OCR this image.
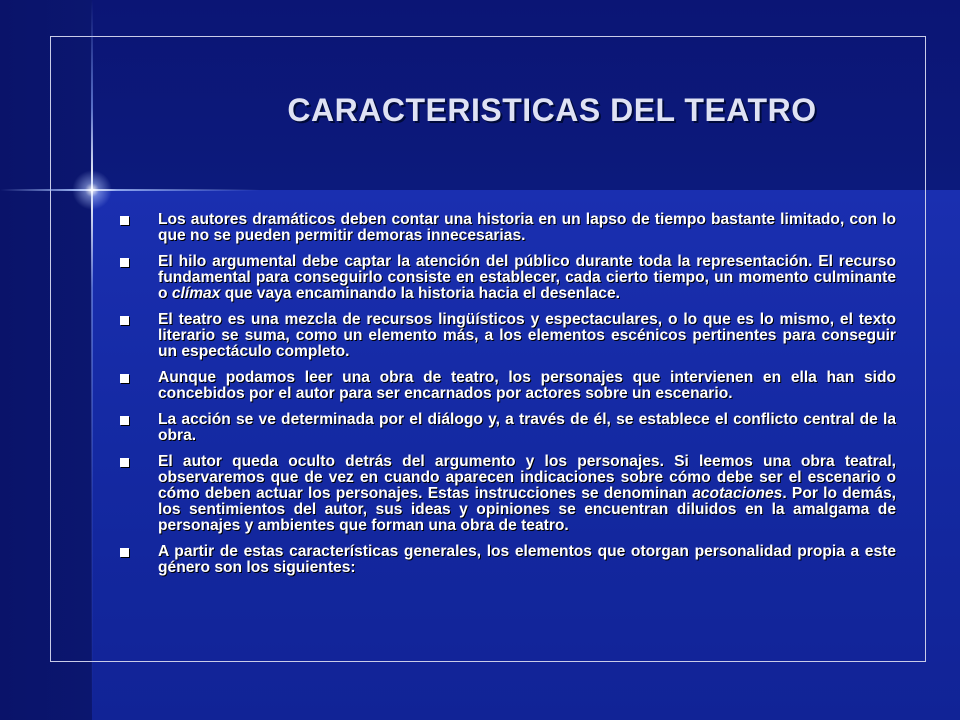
CARACTERISTICAS DEL TEATRO
Los autores dramáticos deben contar una historia en un lapso de tiempo bastante limitado, con lo que no se pueden permitir demoras innecesarias.
El hilo argumental debe captar la atención del público durante toda la representación. El recurso fundamental para conseguirlo consiste en establecer, cada cierto tiempo, un momento culminante o clímax que vaya encaminando la historia hacia el desenlace.
El teatro es una mezcla de recursos lingüísticos y espectaculares, o lo que es lo mismo, el texto literario se suma, como un elemento más, a los elementos escénicos pertinentes para conseguir un espectáculo completo.
Aunque podamos leer una obra de teatro, los personajes que intervienen en ella han sido concebidos por el autor para ser encarnados por actores sobre un escenario.
La acción se ve determinada por el diálogo y, a través de él, se establece el conflicto central de la obra.
El autor queda oculto detrás del argumento y los personajes. Si leemos una obra teatral, observaremos que de vez en cuando aparecen indicaciones sobre cómo debe ser el escenario o cómo deben actuar los personajes. Estas instrucciones se denominan acotaciones. Por lo demás, los sentimientos del autor, sus ideas y opiniones se encuentran diluidos en la amalgama de personajes y ambientes que forman una obra de teatro.
A partir de estas características generales, los elementos que otorgan personalidad propia a este género son los siguientes:
